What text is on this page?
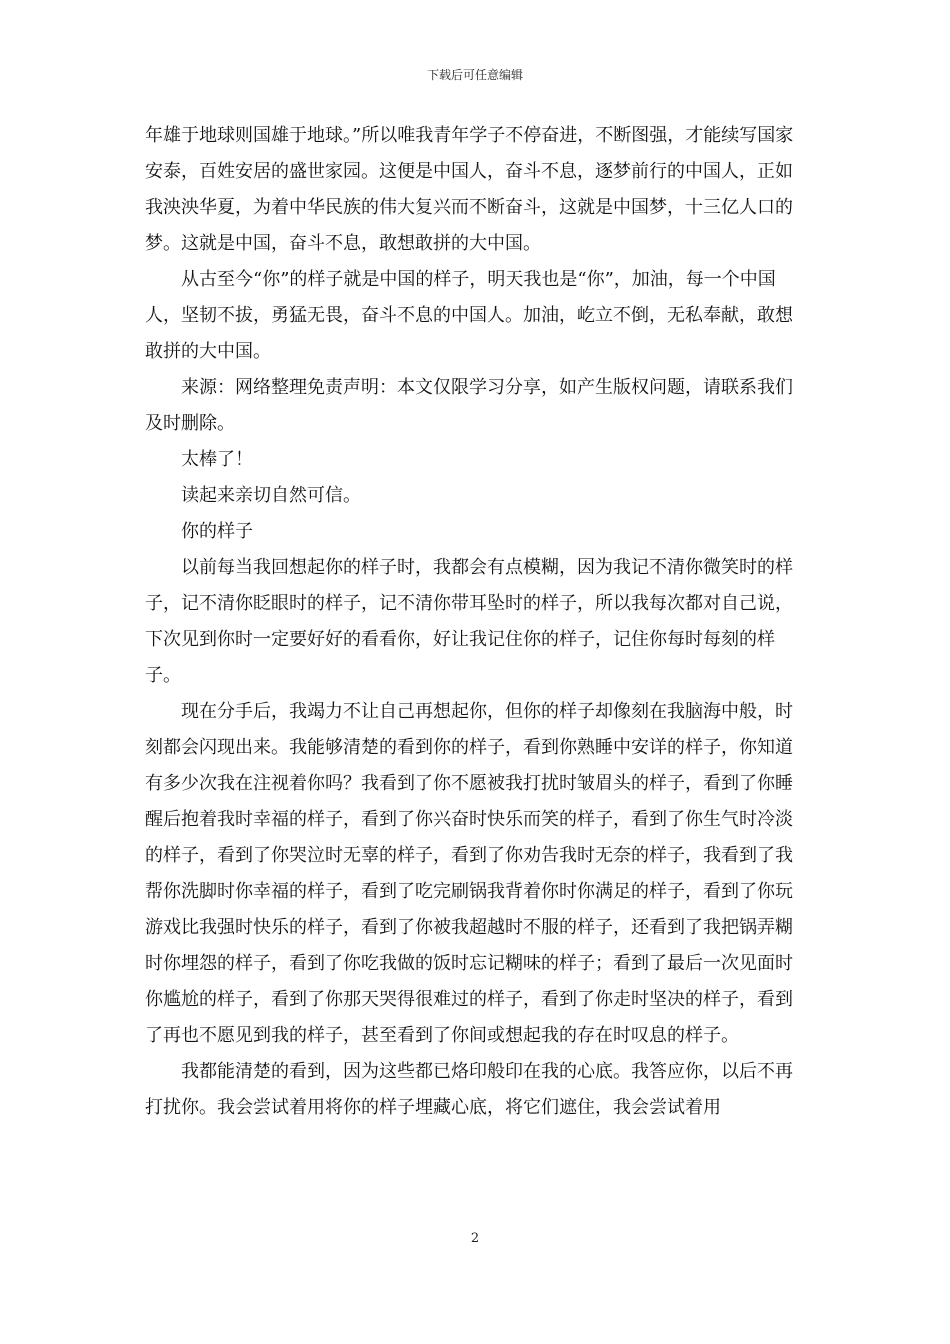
下载后可任意编辑

年雄于地球则国雄于地球。”所以唯我青年学子不停奋进，不断图强，才能续写国家安泰，百姓安居的盛世家园。这便是中国人，奋斗不息，逐梦前行的中国人，正如我泱泱华夏，为着中华民族的伟大复兴而不断奋斗，这就是中国梦，十三亿人口的梦。这就是中国，奋斗不息，敢想敢拼的大中国。

从古至今“你”的样子就是中国的样子，明天我也是“你”，加油，每一个中国人，坚韧不拔，勇猛无畏，奋斗不息的中国人。加油，屹立不倒，无私奉献，敢想敢拼的大中国。

来源：网络整理免责声明：本文仅限学习分享，如产生版权问题，请联系我们及时删除。

太棒了！

读起来亲切自然可信。

你的样子

以前每当我回想起你的样子时，我都会有点模糊，因为我记不清你微笑时的样子，记不清你眨眼时的样子，记不清你带耳坠时的样子，所以我每次都对自己说，下次见到你时一定要好好的看看你，好让我记住你的样子，记住你每时每刻的样子。

现在分手后，我竭力不让自己再想起你，但你的样子却像刻在我脑海中般，时刻都会闪现出来。我能够清楚的看到你的样子，看到你熟睡中安详的样子，你知道有多少次我在注视着你吗？我看到了你不愿被我打扰时皱眉头的样子，看到了你睡醒后抱着我时幸福的样子，看到了你兴奋时快乐而笑的样子，看到了你生气时冷淡的样子，看到了你哭泣时无辜的样子，看到了你劝告我时无奈的样子，我看到了我帮你洗脚时你幸福的样子，看到了吃完刷锅我背着你时你满足的样子，看到了你玩游戏比我强时快乐的样子，看到了你被我超越时不服的样子，还看到了我把锅弄糊时你埋怨的样子，看到了你吃我做的饭时忘记糊味的样子；看到了最后一次见面时你尴尬的样子，看到了你那天哭得很难过的样子，看到了你走时坚决的样子，看到了再也不愿见到我的样子，甚至看到了你间或想起我的存在时叹息的样子。

我都能清楚的看到，因为这些都已烙印般印在我的心底。我答应你，以后不再打扰你。我会尝试着用将你的样子埋藏心底，将它们遮住，我会尝试着用

2
